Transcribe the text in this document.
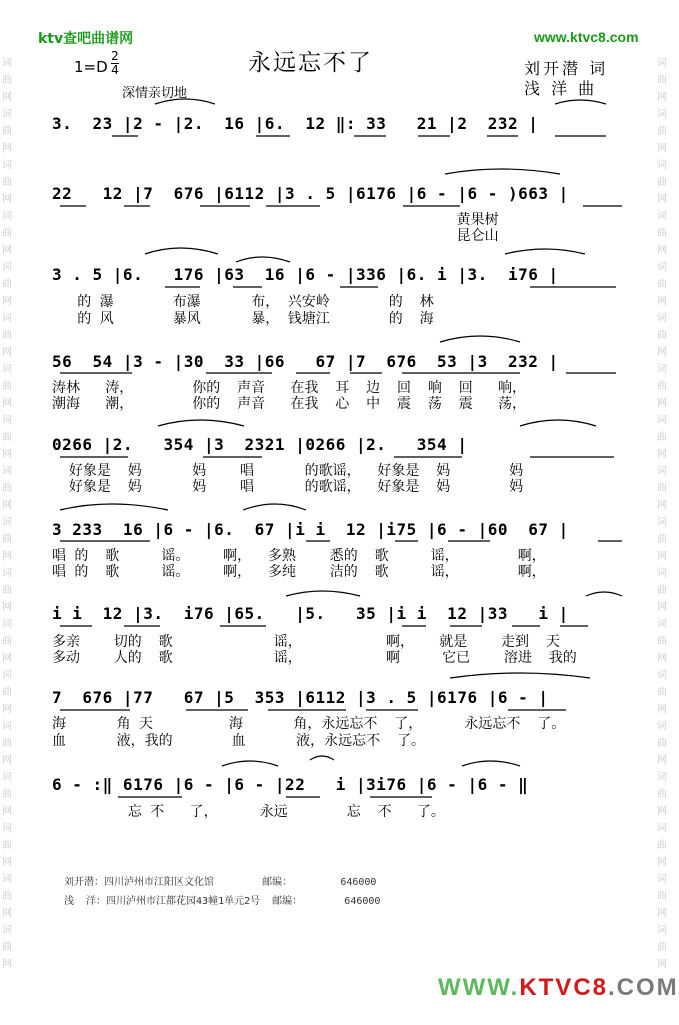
词曲网词曲网词曲网词曲网词曲网词曲网词曲网词曲网词曲网词曲网词曲网词曲网词曲网词曲网词曲网词曲网词曲网词曲网
词曲网词曲网词曲网词曲网词曲网词曲网词曲网词曲网词曲网词曲网词曲网词曲网词曲网词曲网词曲网词曲网词曲网词曲网
ktv查吧曲谱网	www.ktvc8.com
1=D
2
4
深情亲切地
永远忘不了	刘开潜 词
浅 洋 曲
3.  23 |2 - |2.  16 |6.  12 ‖: 33   21 |2  232 |
22   12 |7  676 |6112 |3 . 5 |6176 |6 - |6 - )663 |
黄果树
昆仑山
3 . 5 |6.   176 |63  16 |6 - |336 |6. i |3.  i76 |
的 瀑       布瀑      布， 兴安岭       的  林
的 风       暴风      暴， 钱塘江       的  海
56  54 |3 - |30  33 |66   67 |7  676  53 |3  232 |
涛林   涛，       你的  声音   在我  耳  边  回  响  回   响，
潮海   潮，       你的  声音   在我  心  中  震  荡  震   荡，
0266 |2.   354 |3  2321 |0266 |2.   354 |
好象是  妈      妈    唱      的歌谣，  好象是  妈       妈
好象是  妈      妈    唱      的歌谣，  好象是  妈       妈
3 233  16 |6 - |6.  67 |i i  12 |i75 |6 - |60  67 |
唱 的  歌     谣。    啊，  多熟    悉的  歌     谣，       啊，
唱 的  歌     谣。    啊，  多纯    洁的  歌     谣，       啊，
i i  12 |3.  i76 |65.   |5.   35 |i i  12 |33   i |
多亲    切的  歌            谣，          啊，   就是    走到  天
多动    人的  歌            谣，          啊     它已    溶进  我的
7  676 |77   67 |5  353 |6112 |3 . 5 |6176 |6 - |
海      角 天         海      角，永远忘不  了，     永远忘不  了。
血      液，我的       血      液，永远忘不  了。
6 - :‖ 6176 |6 - |6 - |22   i |3i76 |6 - |6 - ‖
忘 不   了，     永远       忘  不   了。
刘开潜：四川泸州市江阳区文化馆        邮编：        646000
浅  洋：四川泸州市江都花园43幢1单元2号  邮编：       646000
WWW.KTVC8.COM
